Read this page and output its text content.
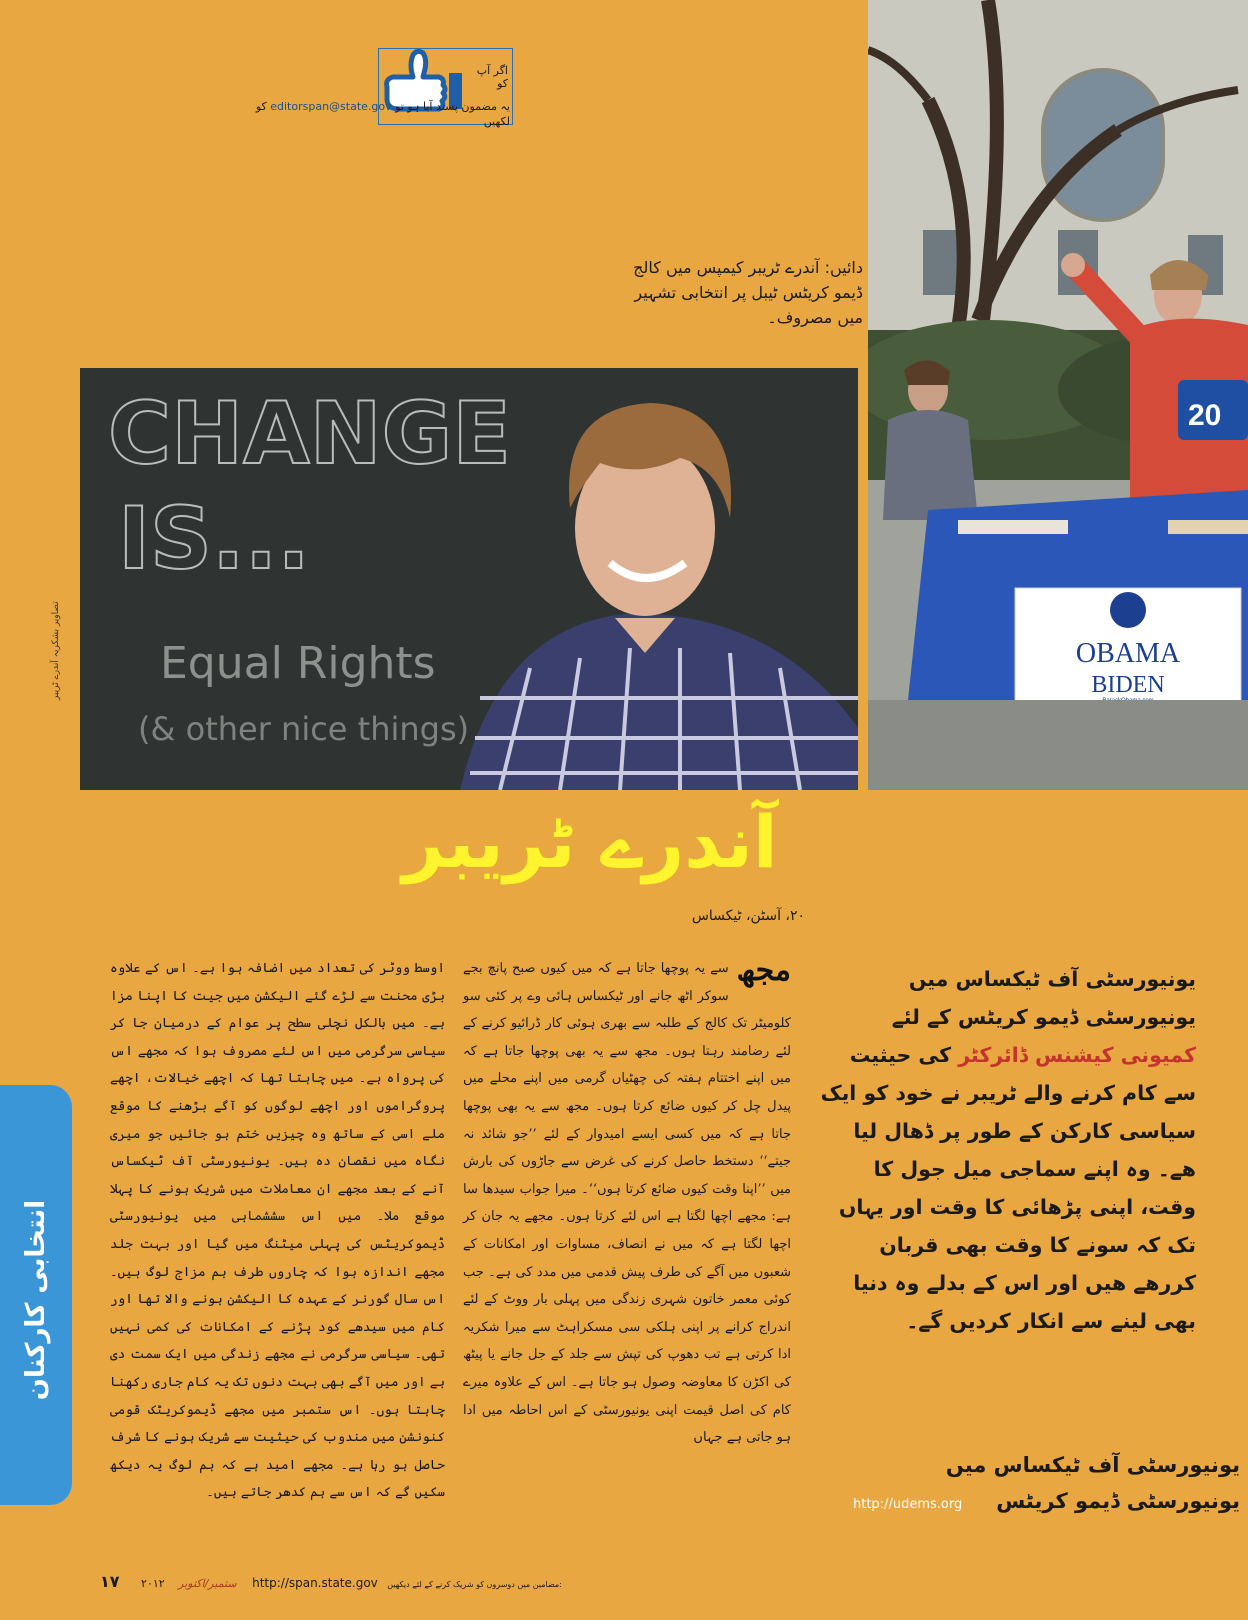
اگر آپ کو
یہ مضمون پسند آیا ہو تو editorspan@state.gov کو
لکھیں
دائیں: آندرے ٹریبر کیمپس میں کالج ڈیمو کریٹس ٹیبل پر انتخابی تشہیر میں مصروف۔
20
OBAMA
BIDEN
CHANGE
IS...
Equal Rights
(& other nice things)
تصاویر بشکریہ آندرے ٹریبر
آندرے ٹریبر
۲۰، آسٹن، ٹیکساس
مجھ
سے یہ پوچھا جاتا ہے کہ میں کیوں صبح پانچ بجے سوکر اٹھ جانے اور ٹیکساس ہائی وے پر کئی سو کلومیٹر تک کالج کے طلبہ سے بھری ہوئی کار ڈرائیو کرنے کے لئے رضامند رہتا ہوں۔ مجھ سے یہ بھی پوچھا جاتا ہے کہ میں اپنے اختتام ہفتہ کی چھٹیاں گرمی میں اپنے محلے میں پیدل چل کر کیوں ضائع کرتا ہوں۔ مجھ سے یہ بھی پوچھا جاتا ہے کہ میں کسی ایسے امیدوار کے لئے ’’جو شائد نہ جیتے‘‘ دستخط حاصل کرنے کی غرض سے جاڑوں کی بارش میں ’’اپنا وقت کیوں ضائع کرتا ہوں‘‘۔ میرا جواب سیدھا سا ہے: مجھے اچھا لگتا ہے اس لئے کرتا ہوں۔ مجھے یہ جان کر اچھا لگتا ہے کہ میں نے انصاف، مساوات اور امکانات کے شعبوں میں آگے کی طرف پیش قدمی میں مدد کی ہے۔ جب کوئی معمر خاتون شہری زندگی میں پہلی بار ووٹ کے لئے اندراج کرانے پر اپنی ہلکی سی مسکراہٹ سے میرا شکریہ ادا کرتی ہے تب دھوپ کی تپش سے جلد کے جل جانے یا پیٹھ کی اکڑن کا معاوضہ وصول ہو جاتا ہے۔ اس کے علاوہ میرے کام کی اصل قیمت اپنی یونیورسٹی کے اس احاطہ میں ادا ہو جاتی ہے جہاں
اوسط ووٹر کی تعداد میں اضافہ ہوا ہے۔ اس کے علاوہ بڑی محنت سے لڑے گئے الیکشن میں جیت کا اپنا مزا ہے۔ میں بالکل نچلی سطح پر عوام کے درمیان جا کر سیاسی سرگرمی میں اس لئے مصروف ہوا کہ مجھے اس کی پرواہ ہے۔ میں چاہتا تھا کہ اچھے خیالات، اچھے پروگراموں اور اچھے لوگوں کو آگے بڑھنے کا موقع ملے اسی کے ساتھ وہ چیزیں ختم ہو جائیں جو میری نگاہ میں نقصان دہ ہیں۔ یونیورسٹی آف ٹیکساس آنے کے بعد مجھے ان معاملات میں شریک ہونے کا پہلا موقع ملا۔ میں اس سششماہی میں یونیورسٹی ڈیموکریٹس کی پہلی میٹنگ میں گیا اور بہت جلد مجھے اندازہ ہوا کہ چاروں طرف ہم مزاج لوگ ہیں۔ اس سال گورنر کے عہدہ کا الیکشن ہونے والا تھا اور کام میں سیدھے کود پڑنے کے امکانات کی کمی نہیں تھی۔ سیاسی سرگرمی نے مجھے زندگی میں ایک سمت دی ہے اور میں آگے بھی بہت دنوں تک یہ کام جاری رکھنا چاہتا ہوں۔ اس ستمبر میں مجھے ڈیموکریٹک قومی کنونشن میں مندوب کی حیثیت سے شریک ہونے کا شرف حاصل ہو رہا ہے۔ مجھے امید ہے کہ ہم لوگ یہ دیکھ سکیں گے کہ اس سے ہم کدھر جاتے ہیں۔
یونیورسٹی آف ٹیکساس میں یونیورسٹی ڈیمو کریٹس کے لئے کمیونی کیشنس ڈائرکٹر کی حیثیت سے کام کرنے والے ٹریبر نے خود کو ایک سیاسی کارکن کے طور پر ڈھال لیا ھے۔ وہ اپنے سماجی میل جول کا وقت، اپنی پڑھائی کا وقت اور یہاں تک کہ سونے کا وقت بھی قربان کررھے ھیں اور اس کے بدلے وہ دنیا بھی لینے سے انکار کردیں گے۔
یونیورسٹی آف ٹیکساس میں
یونیورسٹی ڈیمو کریٹس
http://udems.org
انتخابی کارکنان
۱۷ ۲۰۱۲ ستمبر/اکتوبر http://span.state.gov مضامین میں دوسروں کو شریک کرنے کے لئے دیکھیں:
